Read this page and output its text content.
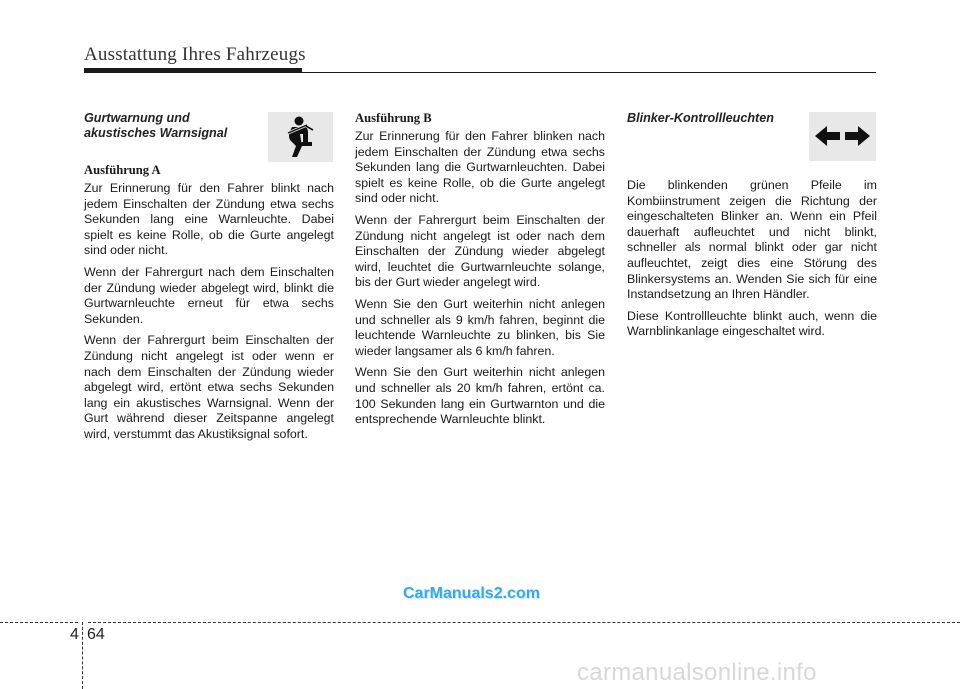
Ausstattung Ihres Fahrzeugs
Gurtwarnung und akustisches Warnsignal
Ausführung A

Zur Erinnerung für den Fahrer blinkt nach jedem Einschalten der Zündung etwa sechs Sekunden lang eine Warnleuchte. Dabei spielt es keine Rolle, ob die Gurte angelegt sind oder nicht.

Wenn der Fahrergurt nach dem Einschalten der Zündung wieder abgelegt wird, blinkt die Gurtwarnleuchte erneut für etwa sechs Sekunden.

Wenn der Fahrergurt beim Einschalten der Zündung nicht angelegt ist oder wenn er nach dem Einschalten der Zündung wieder abgelegt wird, ertönt etwa sechs Sekunden lang ein akustisches Warnsignal. Wenn der Gurt während dieser Zeitspanne angelegt wird, verstummt das Akustiksignal sofort.

Ausführung B

Zur Erinnerung für den Fahrer blinken nach jedem Einschalten der Zündung etwa sechs Sekunden lang die Gurtwarnleuchten. Dabei spielt es keine Rolle, ob die Gurte angelegt sind oder nicht.

Wenn der Fahrergurt beim Einschalten der Zündung nicht angelegt ist oder nach dem Einschalten der Zündung wieder abgelegt wird, leuchtet die Gurtwarnleuchte solange, bis der Gurt wieder angelegt wird.

Wenn Sie den Gurt weiterhin nicht anlegen und schneller als 9 km/h fahren, beginnt die leuchtende Warnleuchte zu blinken, bis Sie wieder langsamer als 6 km/h fahren.

Wenn Sie den Gurt weiterhin nicht anlegen und schneller als 20 km/h fahren, ertönt ca. 100 Sekunden lang ein Gurtwarnton und die entsprechende Warnleuchte blinkt.

Blinker-Kontrollleuchten

Die blinkenden grünen Pfeile im Kombiinstrument zeigen die Richtung der eingeschalteten Blinker an. Wenn ein Pfeil dauerhaft aufleuchtet und nicht blinkt, schneller als normal blinkt oder gar nicht aufleuchtet, zeigt dies eine Störung des Blinkersystems an. Wenden Sie sich für eine Instandsetzung an Ihren Händler.

Diese Kontrollleuchte blinkt auch, wenn die Warnblinkanlage eingeschaltet wird.

CarManuals2.com
4 64
carmanualsonline.info
